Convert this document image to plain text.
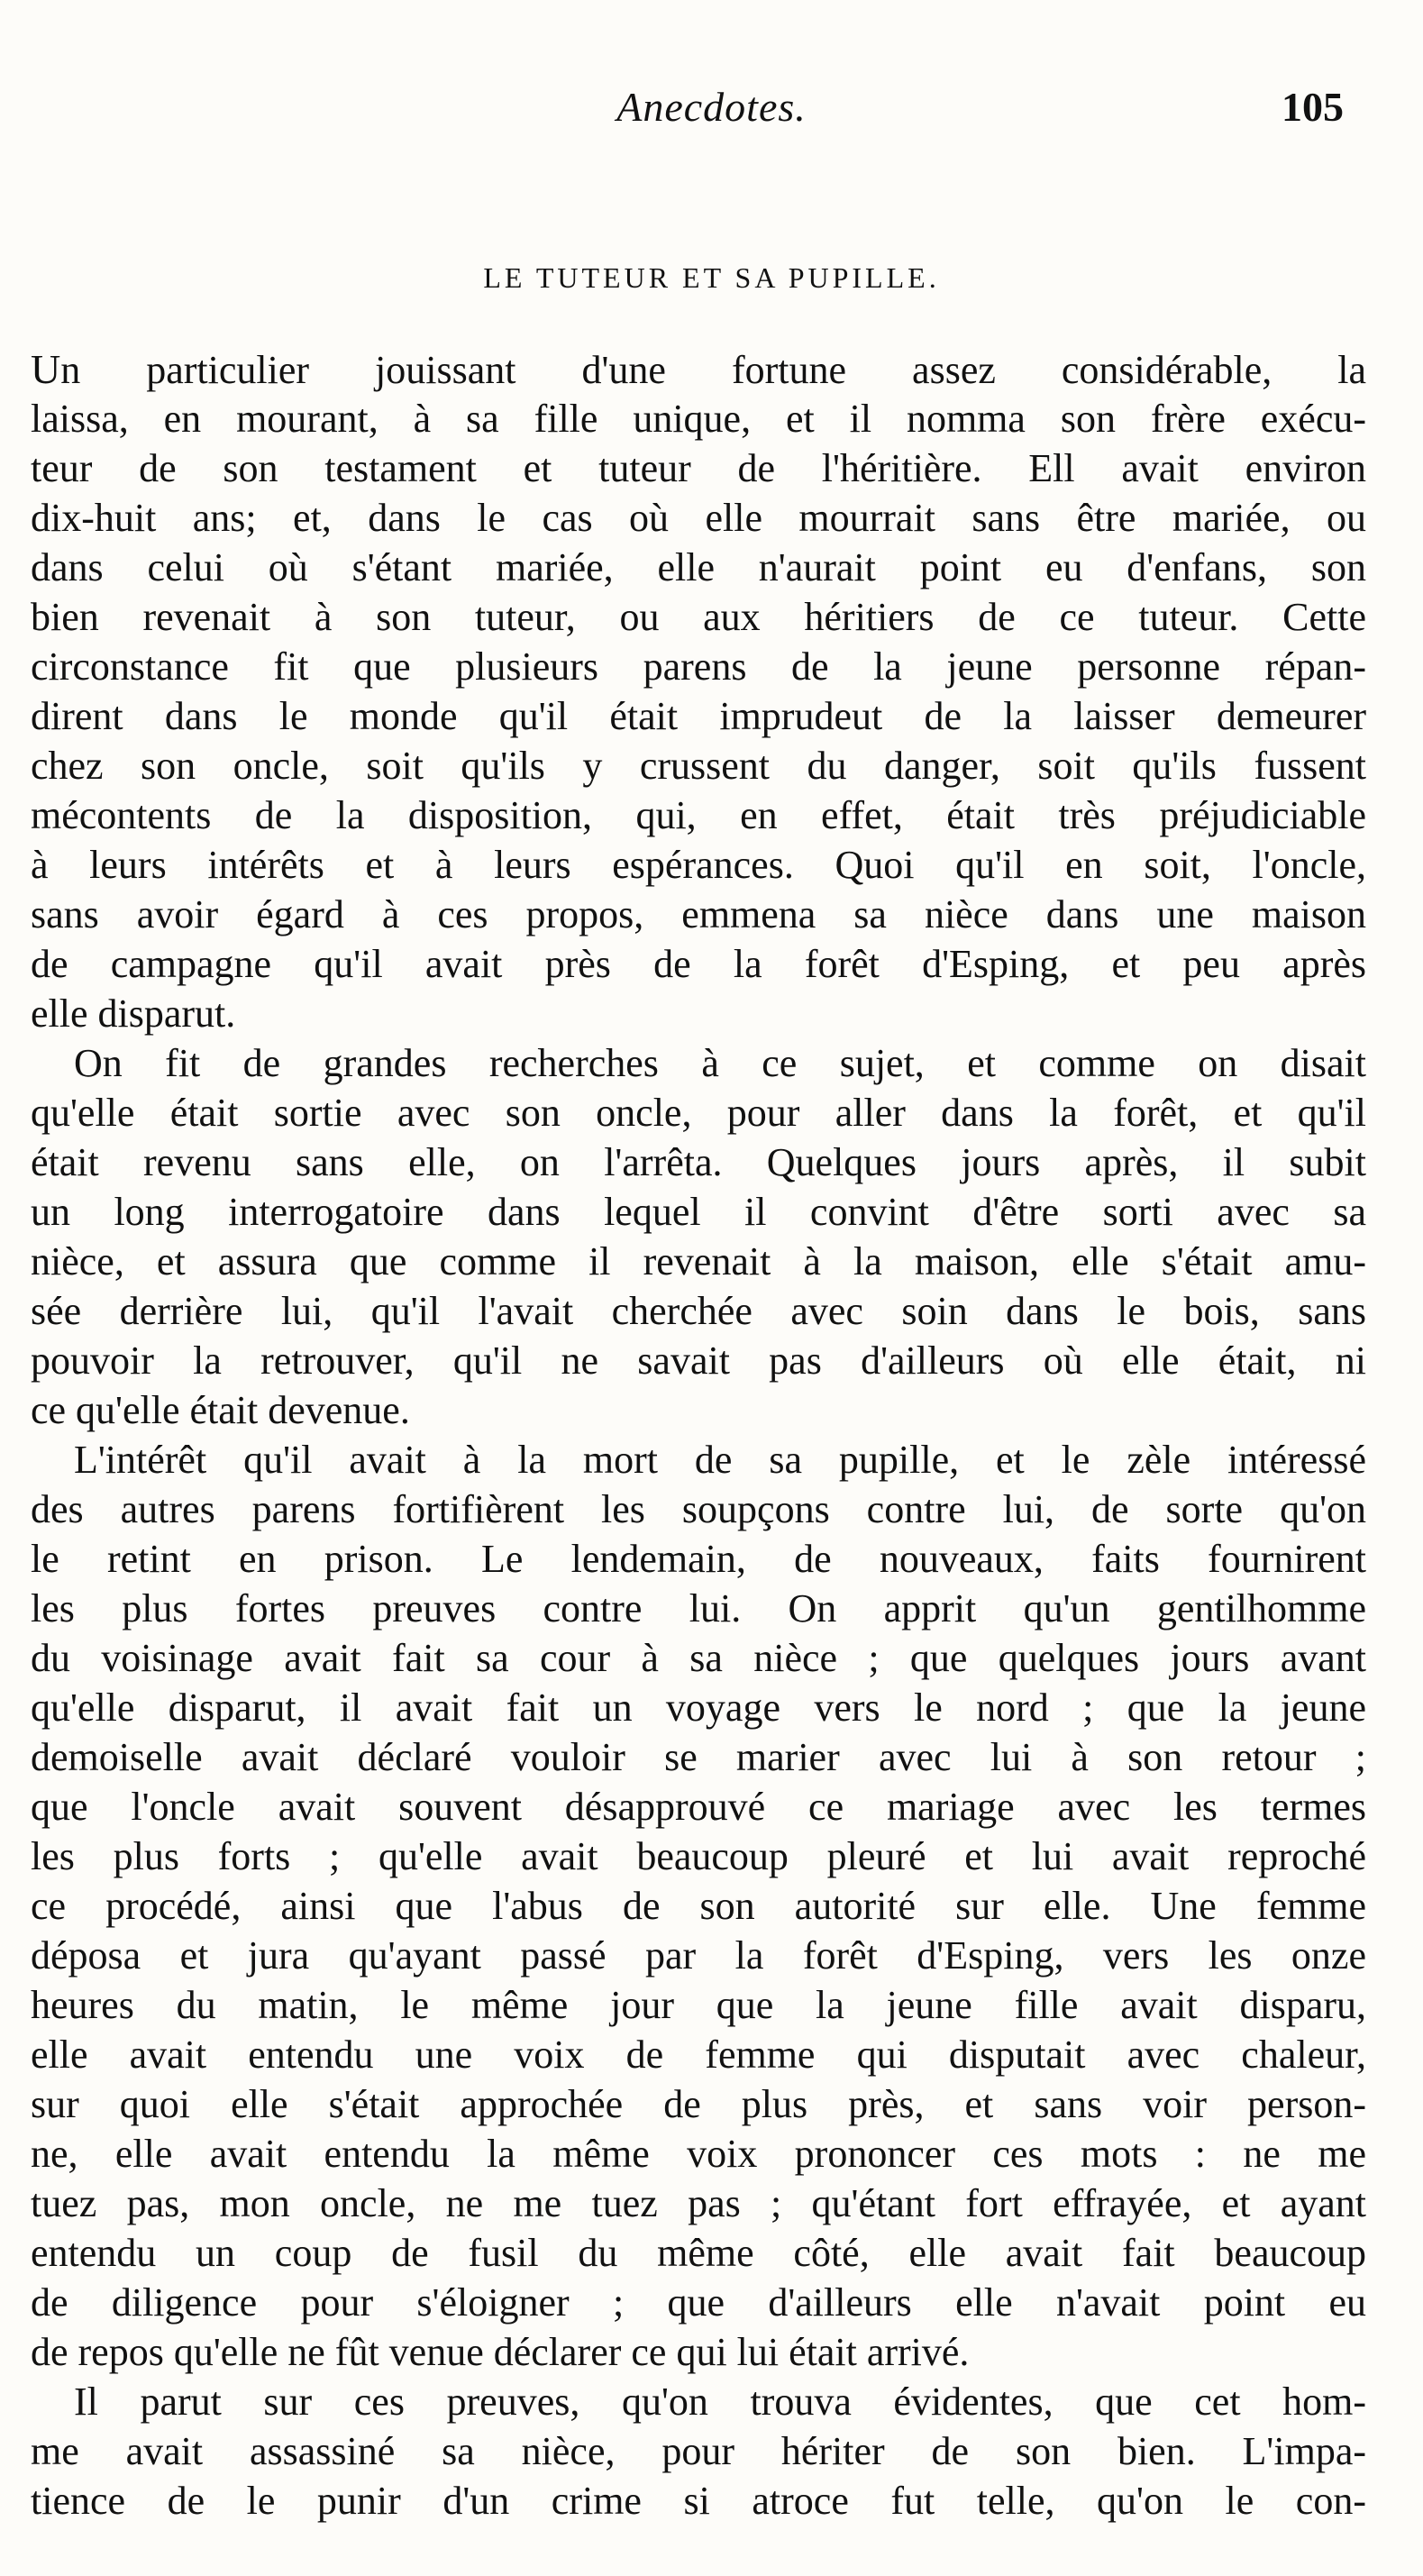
Anecdotes.	105
LE TUTEUR ET SA PUPILLE.
Un particulier jouissant d'une fortune assez considérable, la
laissa, en mourant, à sa fille unique, et il nomma son frère exécu-
teur de son testament et tuteur de l'héritière. Ell avait environ
dix-huit ans; et, dans le cas où elle mourrait sans être mariée, ou
dans celui où s'étant mariée, elle n'aurait point eu d'enfans, son
bien revenait à son tuteur, ou aux héritiers de ce tuteur. Cette
circonstance fit que plusieurs parens de la jeune personne répan-
dirent dans le monde qu'il était imprudeut de la laisser demeurer
chez son oncle, soit qu'ils y crussent du danger, soit qu'ils fussent
mécontents de la disposition, qui, en effet, était très préjudiciable
à leurs intérêts et à leurs espérances. Quoi qu'il en soit, l'oncle,
sans avoir égard à ces propos, emmena sa nièce dans une maison
de campagne qu'il avait près de la forêt d'Esping, et peu après
elle disparut.
On fit de grandes recherches à ce sujet, et comme on disait
qu'elle était sortie avec son oncle, pour aller dans la forêt, et qu'il
était revenu sans elle, on l'arrêta. Quelques jours après, il subit
un long interrogatoire dans lequel il convint d'être sorti avec sa
nièce, et assura que comme il revenait à la maison, elle s'était amu-
sée derrière lui, qu'il l'avait cherchée avec soin dans le bois, sans
pouvoir la retrouver, qu'il ne savait pas d'ailleurs où elle était, ni
ce qu'elle était devenue.
L'intérêt qu'il avait à la mort de sa pupille, et le zèle intéressé
des autres parens fortifièrent les soupçons contre lui, de sorte qu'on
le retint en prison. Le lendemain, de nouveaux, faits fournirent
les plus fortes preuves contre lui. On apprit qu'un gentilhomme
du voisinage avait fait sa cour à sa nièce ; que quelques jours avant
qu'elle disparut, il avait fait un voyage vers le nord ; que la jeune
demoiselle avait déclaré vouloir se marier avec lui à son retour ;
que l'oncle avait souvent désapprouvé ce mariage avec les termes
les plus forts ; qu'elle avait beaucoup pleuré et lui avait reproché
ce procédé, ainsi que l'abus de son autorité sur elle. Une femme
déposa et jura qu'ayant passé par la forêt d'Esping, vers les onze
heures du matin, le même jour que la jeune fille avait disparu,
elle avait entendu une voix de femme qui disputait avec chaleur,
sur quoi elle s'était approchée de plus près, et sans voir person-
ne, elle avait entendu la même voix prononcer ces mots : ne me
tuez pas, mon oncle, ne me tuez pas ; qu'étant fort effrayée, et ayant
entendu un coup de fusil du même côté, elle avait fait beaucoup
de diligence pour s'éloigner ; que d'ailleurs elle n'avait point eu
de repos qu'elle ne fût venue déclarer ce qui lui était arrivé.
Il parut sur ces preuves, qu'on trouva évidentes, que cet hom-
me avait assassiné sa nièce, pour hériter de son bien. L'impa-
tience de le punir d'un crime si atroce fut telle, qu'on le con-
